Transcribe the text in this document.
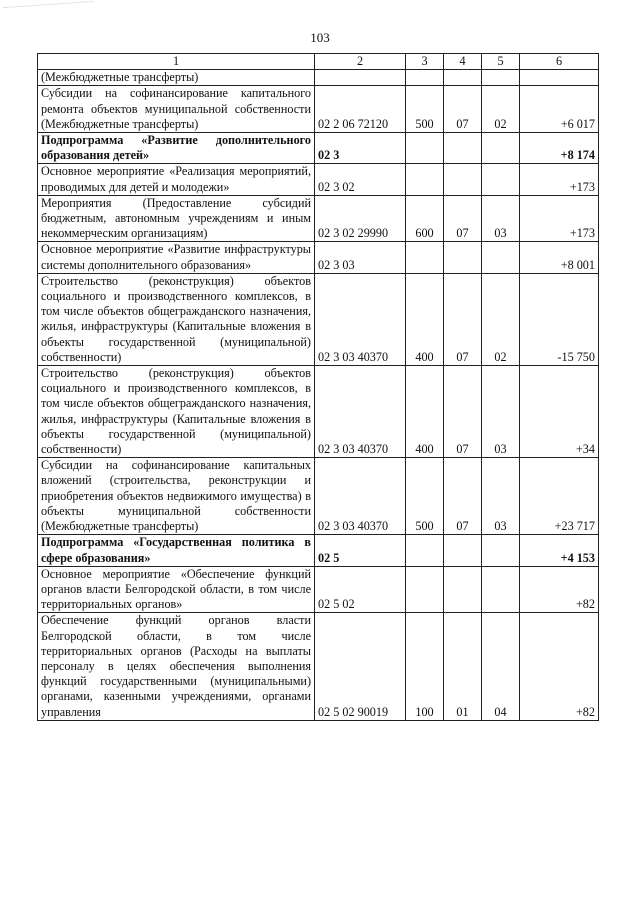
103
1	2	3	4	5	6
(Межбюджетные трансферты)					
Субсидии на софинансирование капитального ремонта объектов муниципальной собственности (Межбюджетные трансферты)	02 2 06 72120	500	07	02	+6 017
Подпрограмма «Развитие дополнительного образования детей»	02 3				+8 174
Основное мероприятие «Реализация мероприятий, проводимых для детей и молодежи»	02 3 02				+173
Мероприятия (Предоставление субсидий бюджетным, автономным учреждениям и иным некоммерческим организациям)	02 3 02 29990	600	07	03	+173
Основное мероприятие «Развитие инфраструктуры системы дополнительного образования»	02 3 03				+8 001
Строительство (реконструкция) объектов социального и производственного комплексов, в том числе объектов общегражданского назначения, жилья, инфраструктуры (Капитальные вложения в объекты государственной (муниципальной) собственности)	02 3 03 40370	400	07	02	-15 750
Строительство (реконструкция) объектов социального и производственного комплексов, в том числе объектов общегражданского назначения, жилья, инфраструктуры (Капитальные вложения в объекты государственной (муниципальной) собственности)	02 3 03 40370	400	07	03	+34
Субсидии на софинансирование капитальных вложений (строительства, реконструкции и приобретения объектов недвижимого имущества) в объекты муниципальной собственности (Межбюджетные трансферты)	02 3 03 40370	500	07	03	+23 717
Подпрограмма «Государственная политика в сфере образования»	02 5				+4 153
Основное мероприятие «Обеспечение функций органов власти Белгородской области, в том числе территориальных органов»	02 5 02				+82
Обеспечение функций органов власти Белгородской области, в том числе территориальных органов (Расходы на выплаты персоналу в целях обеспечения выполнения функций государственными (муниципальными) органами, казенными учреждениями, органами управления	02 5 02 90019	100	01	04	+82
